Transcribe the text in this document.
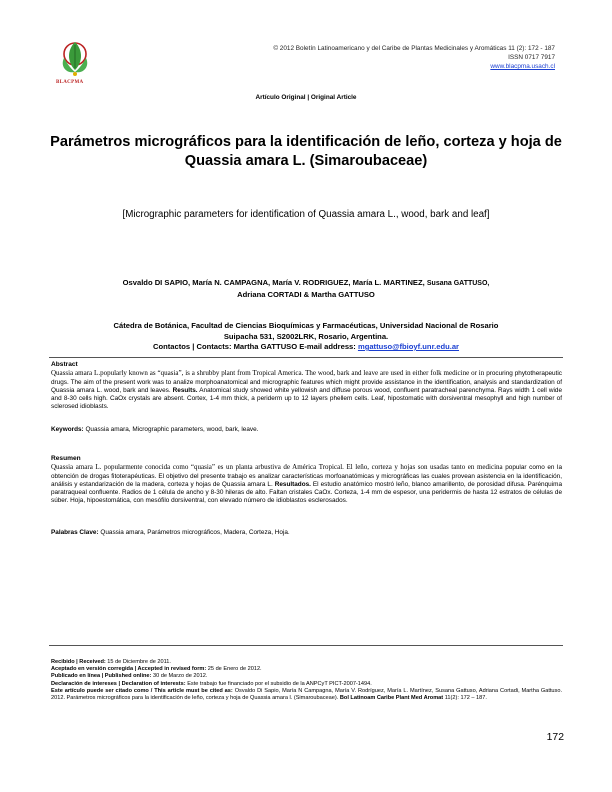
BLACPMA
© 2012 Boletín Latinoamericano y del Caribe de Plantas Medicinales y Aromáticas 11 (2): 172 - 187
ISSN 0717 7917
www.blacpma.usach.cl
Artículo Original | Original Article
Parámetros micrográficos para la identificación de leño, corteza y hoja de
Quassia amara L. (Simaroubaceae)
[Micrographic parameters for identification of Quassia amara L., wood, bark and leaf]
Osvaldo DI SAPIO, María N. CAMPAGNA, María V. RODRIGUEZ, María L. MARTINEZ, Susana GATTUSO,
Adriana CORTADI & Martha GATTUSO
Cátedra de Botánica, Facultad de Ciencias Bioquímicas y Farmacéuticas, Universidad Nacional de Rosario
Suipacha 531, S2002LRK, Rosario, Argentina.
Contactos | Contacts: Martha GATTUSO E-mail address: mgattuso@fbioyf.unr.edu.ar
Abstract
Quassia amara L.popularly known as “quasia”, is a shrubby plant from Tropical America. The wood, bark and leave are used in either folk medicine or in procuring phytotherapeutic drugs. The aim of the present work was to analize morphoanatomical and micrographic features which might provide assistance in the identification, analysis and standardization of Quassia amara L. wood, bark and leaves. Results. Anatomical study showed white yellowish and diffuse porous wood, confluent paratracheal parenchyma. Rays width 1 cell wide and 8-30 cells high. CaOx crystals are absent. Cortex, 1-4 mm thick, a periderm up to 12 layers phellem cells. Leaf, hipostomatic with dorsiventral mesophyll and high number of sclerosed idioblasts.
Keywords: Quassia amara, Micrographic parameters, wood, bark, leave.
Resumen
Quassia amara L. popularmente conocida como “quasia” es un planta arbustiva de América Tropical. El leño, corteza y hojas son usadas tanto en medicina popular como en la obtención de drogas fitoterapéuticas. El objetivo del presente trabajo es analizar características morfoanatómicas y micrográficas las cuales provean asistencia en la identificación, análisis y estandarización de la madera, corteza y hojas de Quassia amara L. Resultados. El estudio anatómico mostró leño, blanco amarillento, de porosidad difusa. Parénquima paratraqueal confluente. Radios de 1 célula de ancho y 8-30 hileras de alto. Faltan cristales CaOx. Corteza, 1-4 mm de espesor, una peridermis de hasta 12 estratos de células de súber. Hoja, hipoestomática, con mesófilo dorsiventral, con elevado número de idioblastos esclerosados.
Palabras Clave: Quassia amara, Parámetros micrográficos, Madera, Corteza, Hoja.
Recibido | Received: 15 de Diciembre de 2011.
Aceptado en versión corregida | Accepted in revised form: 25 de Enero de 2012.
Publicado en línea | Published online: 30 de Marzo de 2012.
Declaración de intereses | Declaration of interests: Este trabajo fue financiado por el subsidio de la ANPCyT PICT-2007-1494.
Este artículo puede ser citado como / This article must be cited as: Osvaldo Di Sapio, María N Campagna, María V. Rodríguez, María L. Martínez, Susana Gattuso, Adriana Cortadi, Martha Gattuso. 2012. Parámetros micrográficos para la identificación de leño, corteza y hoja de Quassia amara l. (Simaroubaceae). Bol Latinoam Caribe Plant Med Aromat 11(2): 172 – 187.
172
